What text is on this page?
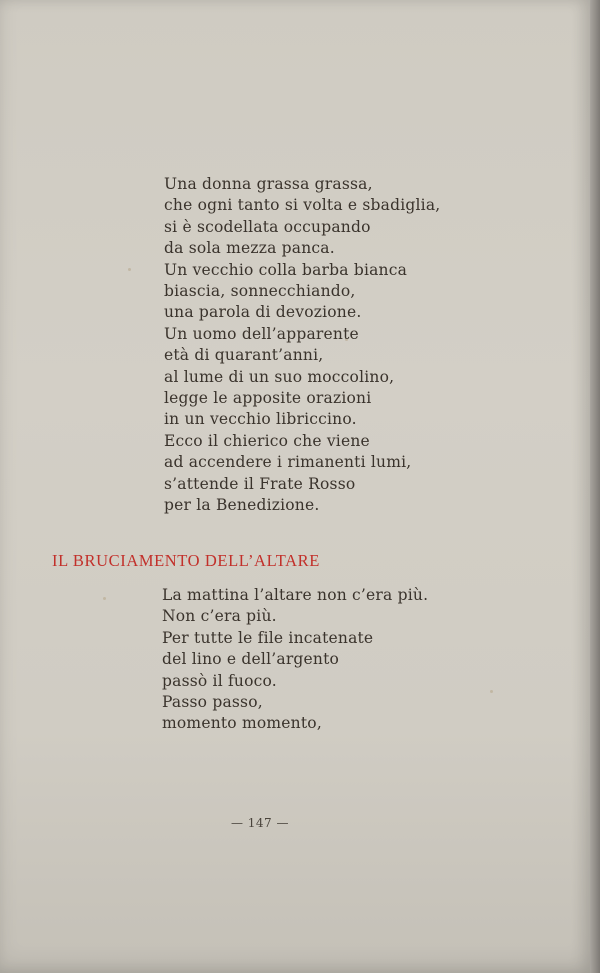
Una donna grassa grassa,
che ogni tanto si volta e sbadiglia,
si è scodellata occupando
da sola mezza panca.
Un vecchio colla barba bianca
biascia, sonnecchiando,
una parola di devozione.
Un uomo dell’apparente
età di quarant’anni,
al lume di un suo moccolino,
legge le apposite orazioni
in un vecchio libriccino.
Ecco il chierico che viene
ad accendere i rimanenti lumi,
s’attende il Frate Rosso
per la Benedizione.
IL BRUCIAMENTO DELL’ALTARE
La mattina l’altare non c’era più.
Non c’era più.
Per tutte le file incatenate
del lino e dell’argento
passò il fuoco.
Passo passo,
momento momento,
— 147 —
